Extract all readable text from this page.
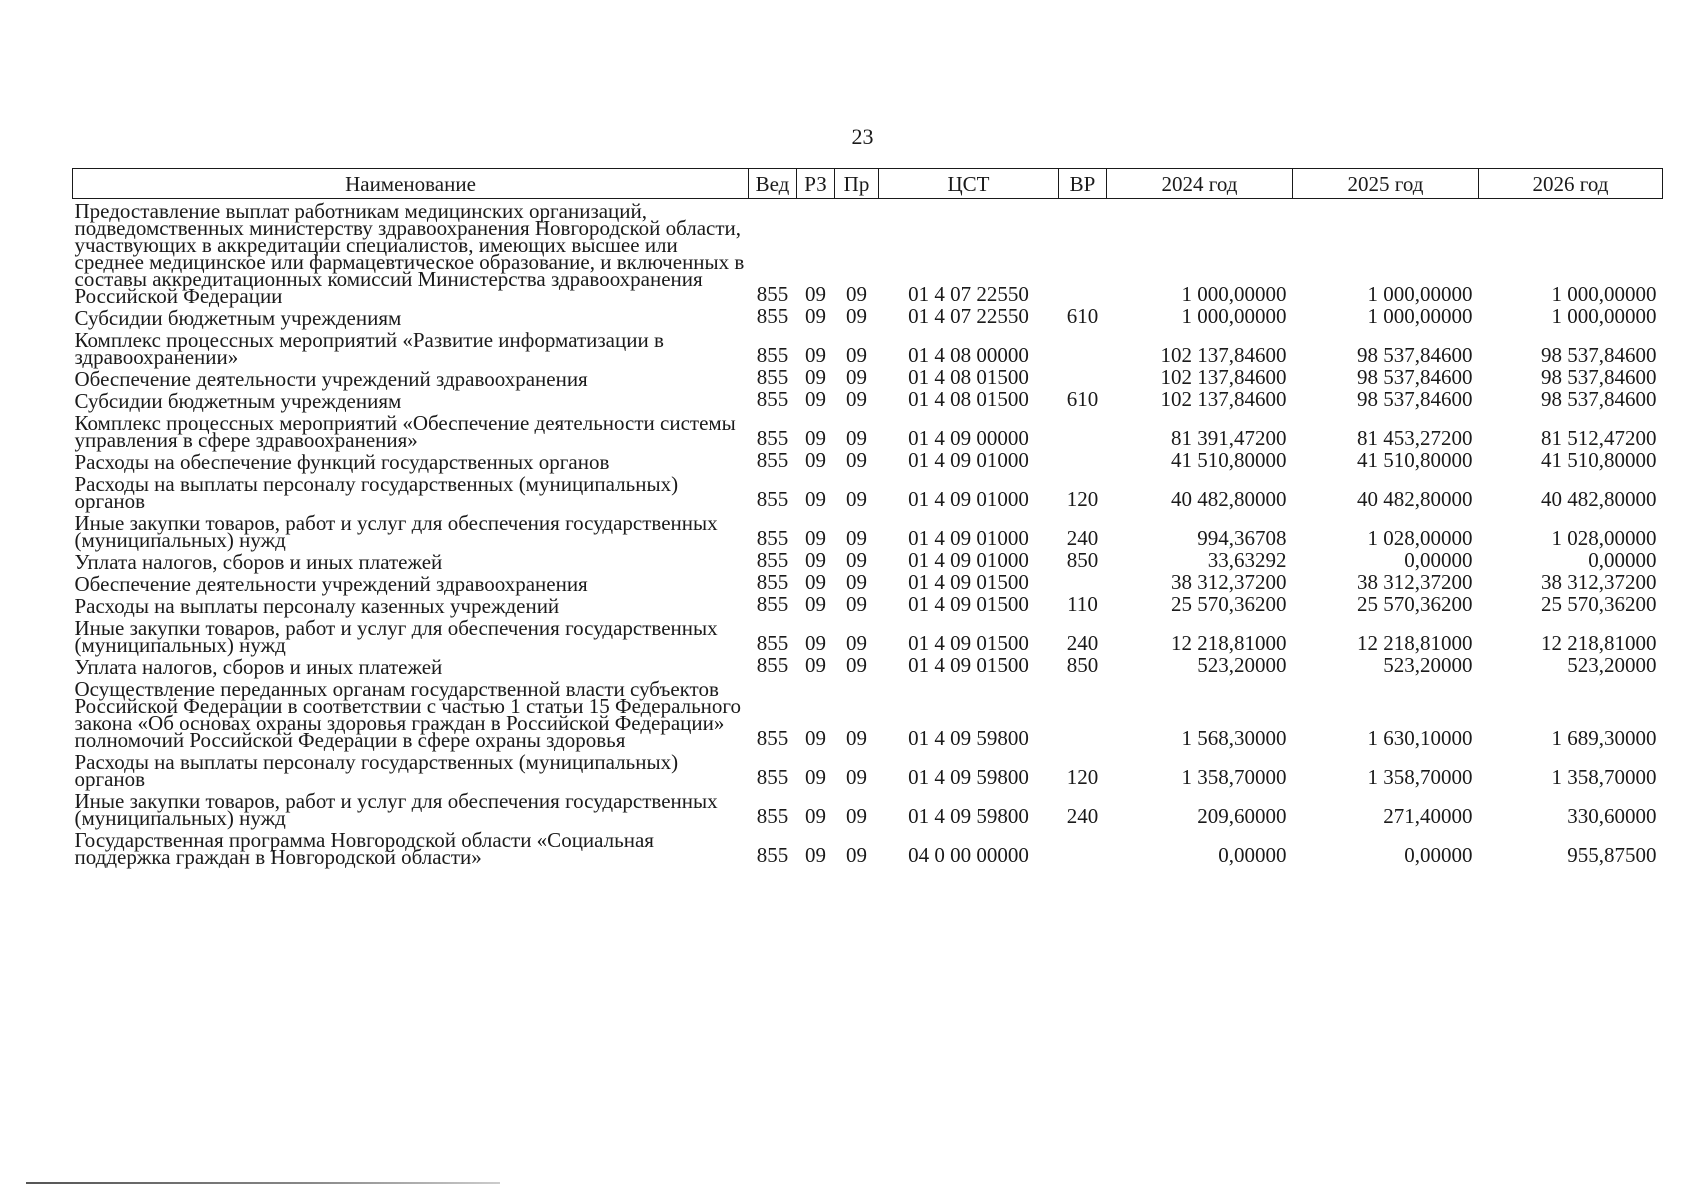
23
Наименование	Вед	РЗ	Пр	ЦСТ	ВР	2024 год	2025 год	2026 год
Предоставление выплат работникам медицинских организаций, подведомственных министерству здравоохранения Новгородской области, участвующих в аккредитации специалистов, имеющих высшее или среднее медицинское или фармацевтическое образование, и включенных в составы аккредитационных комиссий Министерства здравоохранения Российской Федерации	855	09	09	01 4 07 22550		1 000,00000	1 000,00000	1 000,00000
Субсидии бюджетным учреждениям	855	09	09	01 4 07 22550	610	1 000,00000	1 000,00000	1 000,00000
Комплекс процессных мероприятий «Развитие информатизации в здравоохранении»	855	09	09	01 4 08 00000		102 137,84600	98 537,84600	98 537,84600
Обеспечение деятельности учреждений здравоохранения	855	09	09	01 4 08 01500		102 137,84600	98 537,84600	98 537,84600
Субсидии бюджетным учреждениям	855	09	09	01 4 08 01500	610	102 137,84600	98 537,84600	98 537,84600
Комплекс процессных мероприятий «Обеспечение деятельности системы управления в сфере здравоохранения»	855	09	09	01 4 09 00000		81 391,47200	81 453,27200	81 512,47200
Расходы на обеспечение функций государственных органов	855	09	09	01 4 09 01000		41 510,80000	41 510,80000	41 510,80000
Расходы на выплаты персоналу государственных (муниципальных) органов	855	09	09	01 4 09 01000	120	40 482,80000	40 482,80000	40 482,80000
Иные закупки товаров, работ и услуг для обеспечения государственных (муниципальных) нужд	855	09	09	01 4 09 01000	240	994,36708	1 028,00000	1 028,00000
Уплата налогов, сборов и иных платежей	855	09	09	01 4 09 01000	850	33,63292	0,00000	0,00000
Обеспечение деятельности учреждений здравоохранения	855	09	09	01 4 09 01500		38 312,37200	38 312,37200	38 312,37200
Расходы на выплаты персоналу казенных учреждений	855	09	09	01 4 09 01500	110	25 570,36200	25 570,36200	25 570,36200
Иные закупки товаров, работ и услуг для обеспечения государственных (муниципальных) нужд	855	09	09	01 4 09 01500	240	12 218,81000	12 218,81000	12 218,81000
Уплата налогов, сборов и иных платежей	855	09	09	01 4 09 01500	850	523,20000	523,20000	523,20000
Осуществление переданных органам государственной власти субъектов Российской Федерации в соответствии с частью 1 статьи 15 Федерального закона «Об основах охраны здоровья граждан в Российской Федерации» полномочий Российской Федерации в сфере охраны здоровья	855	09	09	01 4 09 59800		1 568,30000	1 630,10000	1 689,30000
Расходы на выплаты персоналу государственных (муниципальных) органов	855	09	09	01 4 09 59800	120	1 358,70000	1 358,70000	1 358,70000
Иные закупки товаров, работ и услуг для обеспечения государственных (муниципальных) нужд	855	09	09	01 4 09 59800	240	209,60000	271,40000	330,60000
Государственная программа Новгородской области «Социальная поддержка граждан в Новгородской области»	855	09	09	04 0 00 00000		0,00000	0,00000	955,87500
